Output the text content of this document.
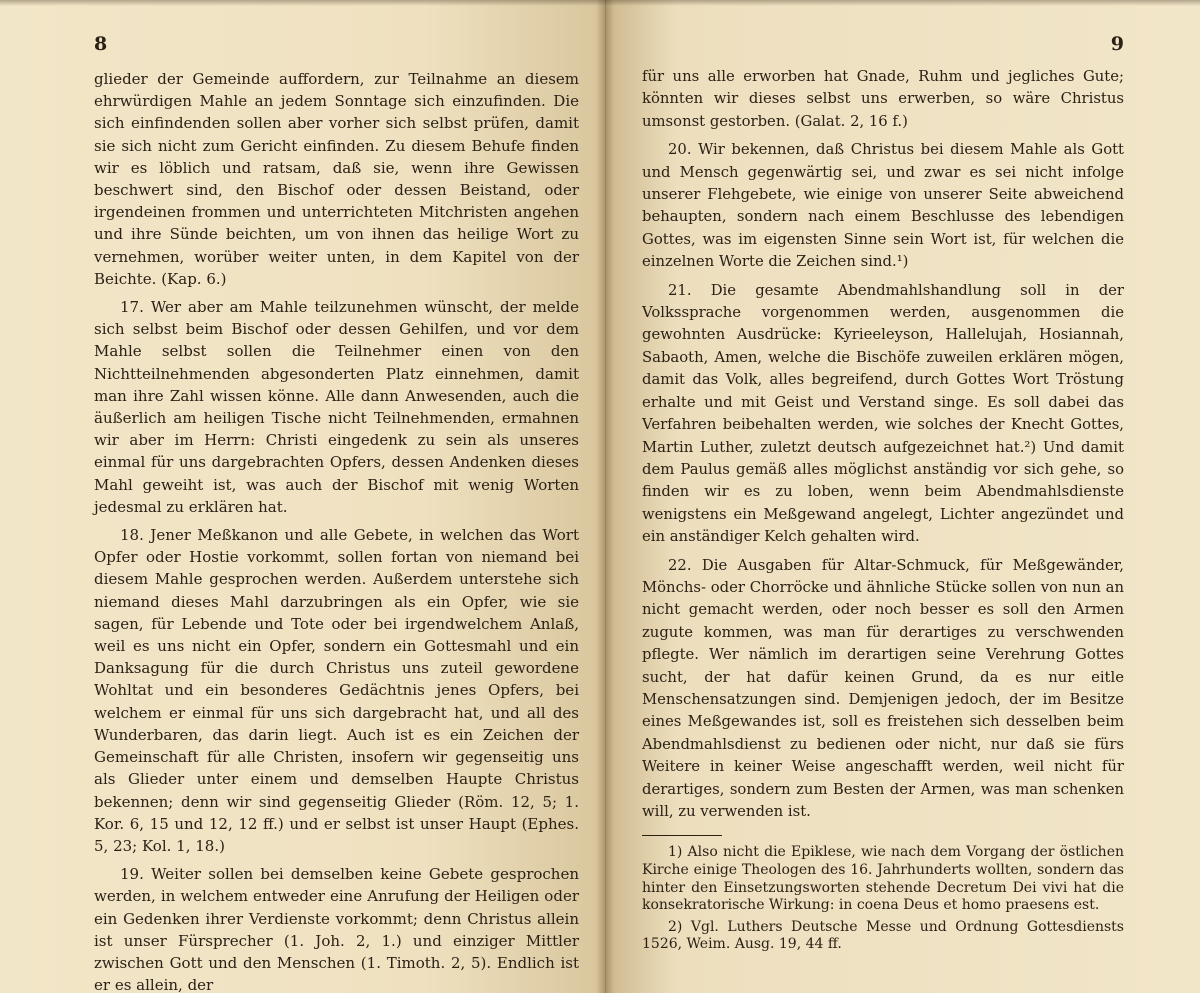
8

glieder der Gemeinde auffordern, zur Teilnahme an diesem ehrwürdigen Mahle an jedem Sonntage sich einzufinden. Die sich einfindenden sollen aber vorher sich selbst prüfen, damit sie sich nicht zum Gericht einfinden. Zu diesem Behufe finden wir es löblich und ratsam, daß sie, wenn ihre Gewissen beschwert sind, den Bischof oder dessen Beistand, oder irgendeinen frommen und unterrichteten Mitchristen angehen und ihre Sünde beichten, um von ihnen das heilige Wort zu vernehmen, worüber weiter unten, in dem Kapitel von der Beichte. (Kap. 6.)

17. Wer aber am Mahle teilzunehmen wünscht, der melde sich selbst beim Bischof oder dessen Gehilfen, und vor dem Mahle selbst sollen die Teilnehmer einen von den Nichtteilnehmenden abgesonderten Platz einnehmen, damit man ihre Zahl wissen könne. Alle dann Anwesenden, auch die äußerlich am heiligen Tische nicht Teilnehmenden, ermahnen wir aber im Herrn: Christi eingedenk zu sein als unseres einmal für uns dargebrachten Opfers, dessen Andenken dieses Mahl geweiht ist, was auch der Bischof mit wenig Worten jedesmal zu erklären hat.

18. Jener Meßkanon und alle Gebete, in welchen das Wort Opfer oder Hostie vorkommt, sollen fortan von niemand bei diesem Mahle gesprochen werden. Außerdem unterstehe sich niemand dieses Mahl darzubringen als ein Opfer, wie sie sagen, für Lebende und Tote oder bei irgendwelchem Anlaß, weil es uns nicht ein Opfer, sondern ein Gottesmahl und ein Danksagung für die durch Christus uns zuteil gewordene Wohltat und ein besonderes Gedächtnis jenes Opfers, bei welchem er einmal für uns sich dargebracht hat, und all des Wunderbaren, das darin liegt. Auch ist es ein Zeichen der Gemeinschaft für alle Christen, insofern wir gegenseitig uns als Glieder unter einem und demselben Haupte Christus bekennen; denn wir sind gegenseitig Glieder (Röm. 12, 5; 1. Kor. 6, 15 und 12, 12 ff.) und er selbst ist unser Haupt (Ephes. 5, 23; Kol. 1, 18.)

19. Weiter sollen bei demselben keine Gebete gesprochen werden, in welchem entweder eine Anrufung der Heiligen oder ein Gedenken ihrer Verdienste vorkommt; denn Christus allein ist unser Fürsprecher (1. Joh. 2, 1.) und einziger Mittler zwischen Gott und den Menschen (1. Timoth. 2, 5). Endlich ist er es allein, der

9

für uns alle erworben hat Gnade, Ruhm und jegliches Gute; könnten wir dieses selbst uns erwerben, so wäre Christus umsonst gestorben. (Galat. 2, 16 f.)

20. Wir bekennen, daß Christus bei diesem Mahle als Gott und Mensch gegenwärtig sei, und zwar es sei nicht infolge unserer Flehgebete, wie einige von unserer Seite abweichend behaupten, sondern nach einem Beschlusse des lebendigen Gottes, was im eigensten Sinne sein Wort ist, für welchen die einzelnen Worte die Zeichen sind.¹)

21. Die gesamte Abendmahlshandlung soll in der Volkssprache vorgenommen werden, ausgenommen die gewohnten Ausdrücke: Kyrieeleyson, Hallelujah, Hosiannah, Sabaoth, Amen, welche die Bischöfe zuweilen erklären mögen, damit das Volk, alles begreifend, durch Gottes Wort Tröstung erhalte und mit Geist und Verstand singe. Es soll dabei das Verfahren beibehalten werden, wie solches der Knecht Gottes, Martin Luther, zuletzt deutsch aufgezeichnet hat.²) Und damit dem Paulus gemäß alles möglichst anständig vor sich gehe, so finden wir es zu loben, wenn beim Abendmahlsdienste wenigstens ein Meßgewand angelegt, Lichter angezündet und ein anständiger Kelch gehalten wird.

22. Die Ausgaben für Altar-Schmuck, für Meßgewänder, Mönchs- oder Chorröcke und ähnliche Stücke sollen von nun an nicht gemacht werden, oder noch besser es soll den Armen zugute kommen, was man für derartiges zu verschwenden pflegte. Wer nämlich im derartigen seine Verehrung Gottes sucht, der hat dafür keinen Grund, da es nur eitle Menschensatzungen sind. Demjenigen jedoch, der im Besitze eines Meßgewandes ist, soll es freistehen sich desselben beim Abendmahlsdienst zu bedienen oder nicht, nur daß sie fürs Weitere in keiner Weise angeschafft werden, weil nicht für derartiges, sondern zum Besten der Armen, was man schenken will, zu verwenden ist.

1) Also nicht die Epiklese, wie nach dem Vorgang der östlichen Kirche einige Theologen des 16. Jahrhunderts wollten, sondern das hinter den Einsetzungsworten stehende Decretum Dei vivi hat die konsekratorische Wirkung: in coena Deus et homo praesens est.

2) Vgl. Luthers Deutsche Messe und Ordnung Gottesdiensts 1526, Weim. Ausg. 19, 44 ff.
